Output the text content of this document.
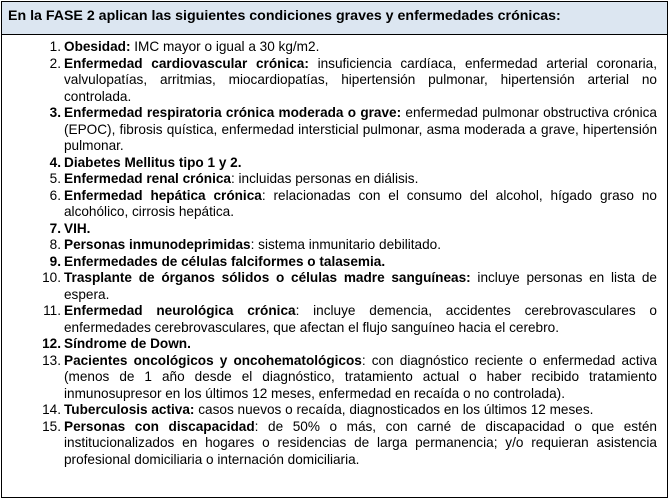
En la FASE 2 aplican las siguientes condiciones graves y enfermedades crónicas:
1. Obesidad: IMC mayor o igual a 30 kg/m2.
2. Enfermedad cardiovascular crónica: insuficiencia cardíaca, enfermedad arterial coronaria, valvulopatías, arritmias, miocardiopatías, hipertensión pulmonar, hipertensión arterial no controlada.
3. Enfermedad respiratoria crónica moderada o grave: enfermedad pulmonar obstructiva crónica (EPOC), fibrosis quística, enfermedad intersticial pulmonar, asma moderada a grave, hipertensión pulmonar.
4. Diabetes Mellitus tipo 1 y 2.
5. Enfermedad renal crónica: incluidas personas en diálisis.
6. Enfermedad hepática crónica: relacionadas con el consumo del alcohol, hígado graso no alcohólico, cirrosis hepática.
7. VIH.
8. Personas inmunodeprimidas: sistema inmunitario debilitado.
9. Enfermedades de células falciformes o talasemia.
10. Trasplante de órganos sólidos o células madre sanguíneas: incluye personas en lista de espera.
11. Enfermedad neurológica crónica: incluye demencia, accidentes cerebrovasculares o enfermedades cerebrovasculares, que afectan el flujo sanguíneo hacia el cerebro.
12. Síndrome de Down.
13. Pacientes oncológicos y oncohematológicos: con diagnóstico reciente o enfermedad activa (menos de 1 año desde el diagnóstico, tratamiento actual o haber recibido tratamiento inmunosupresor en los últimos 12 meses, enfermedad en recaída o no controlada).
14. Tuberculosis activa: casos nuevos o recaída, diagnosticados en los últimos 12 meses.
15. Personas con discapacidad: de 50% o más, con carné de discapacidad o que estén institucionalizados en hogares o residencias de larga permanencia; y/o requieran asistencia profesional domiciliaria o internación domiciliaria.
